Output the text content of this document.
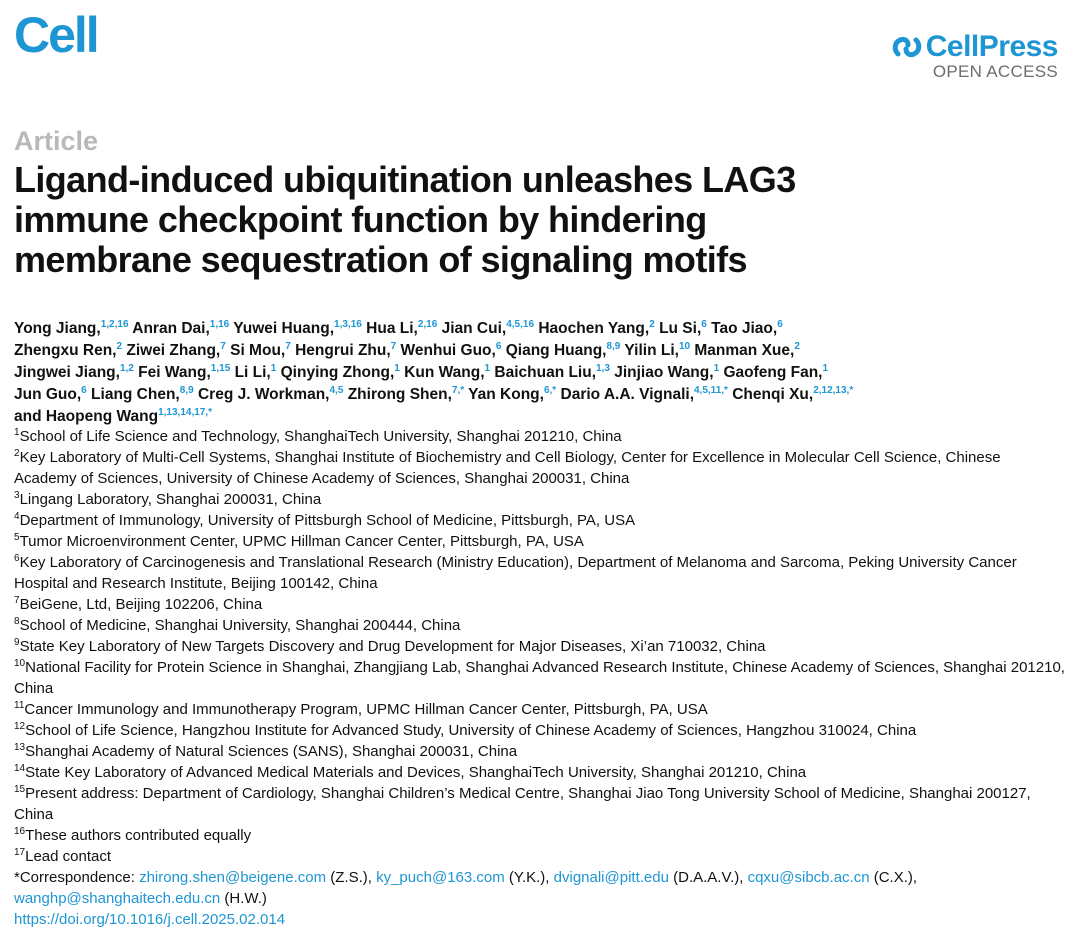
Cell	CellPress
OPEN ACCESS
Article
Ligand-induced ubiquitination unleashes LAG3
immune checkpoint function by hindering
membrane sequestration of signaling motifs
Yong Jiang,$^{1,2,16}$ Anran Dai,$^{1,16}$ Yuwei Huang,$^{1,3,16}$ Hua Li,$^{2,16}$ Jian Cui,$^{4,5,16}$ Haochen Yang,$^2$ Lu Si,$^6$ Tao Jiao,$^6$
Zhengxu Ren,$^2$ Ziwei Zhang,$^7$ Si Mou,$^7$ Hengrui Zhu,$^7$ Wenhui Guo,$^6$ Qiang Huang,$^{8,9}$ Yilin Li,$^{10}$ Manman Xue,$^2$
Jingwei Jiang,$^{1,2}$ Fei Wang,$^{1,15}$ Li Li,$^1$ Qinying Zhong,$^1$ Kun Wang,$^1$ Baichuan Liu,$^{1,3}$ Jinjiao Wang,$^1$ Gaofeng Fan,$^1$
Jun Guo,$^6$ Liang Chen,$^{8,9}$ Creg J. Workman,$^{4,5}$ Zhirong Shen,$^{7,*}$ Yan Kong,$^{6,*}$ Dario A.A. Vignali,$^{4,5,11,*}$ Chenqi Xu,$^{2,12,13,*}$
and Haopeng Wang$^{1,13,14,17,*}$
$^1$School of Life Science and Technology, ShanghaiTech University, Shanghai 201210, China
$^2$Key Laboratory of Multi-Cell Systems, Shanghai Institute of Biochemistry and Cell Biology, Center for Excellence in Molecular Cell Science, Chinese Academy of Sciences, University of Chinese Academy of Sciences, Shanghai 200031, China
$^3$Lingang Laboratory, Shanghai 200031, China
$^4$Department of Immunology, University of Pittsburgh School of Medicine, Pittsburgh, PA, USA
$^5$Tumor Microenvironment Center, UPMC Hillman Cancer Center, Pittsburgh, PA, USA
$^6$Key Laboratory of Carcinogenesis and Translational Research (Ministry Education), Department of Melanoma and Sarcoma, Peking University Cancer Hospital and Research Institute, Beijing 100142, China
$^7$BeiGene, Ltd, Beijing 102206, China
$^8$School of Medicine, Shanghai University, Shanghai 200444, China
$^9$State Key Laboratory of New Targets Discovery and Drug Development for Major Diseases, Xi’an 710032, China
$^{10}$National Facility for Protein Science in Shanghai, Zhangjiang Lab, Shanghai Advanced Research Institute, Chinese Academy of Sciences, Shanghai 201210, China
$^{11}$Cancer Immunology and Immunotherapy Program, UPMC Hillman Cancer Center, Pittsburgh, PA, USA
$^{12}$School of Life Science, Hangzhou Institute for Advanced Study, University of Chinese Academy of Sciences, Hangzhou 310024, China
$^{13}$Shanghai Academy of Natural Sciences (SANS), Shanghai 200031, China
$^{14}$State Key Laboratory of Advanced Medical Materials and Devices, ShanghaiTech University, Shanghai 201210, China
$^{15}$Present address: Department of Cardiology, Shanghai Children’s Medical Centre, Shanghai Jiao Tong University School of Medicine, Shanghai 200127, China
$^{16}$These authors contributed equally
$^{17}$Lead contact
*Correspondence: zhirong.shen@beigene.com (Z.S.), ky_puch@163.com (Y.K.), dvignali@pitt.edu (D.A.A.V.), cqxu@sibcb.ac.cn (C.X.), wanghp@shanghaitech.edu.cn (H.W.)
https://doi.org/10.1016/j.cell.2025.02.014
